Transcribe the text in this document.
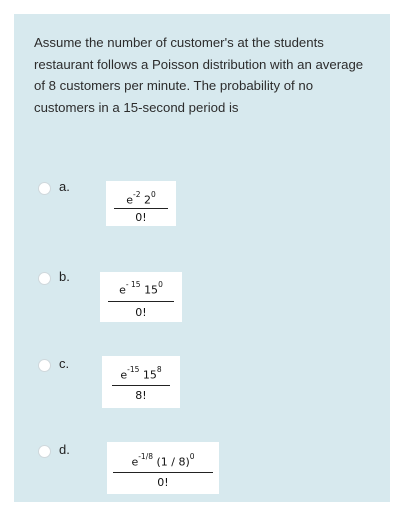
Assume the number of customer's at the students restaurant follows a Poisson distribution with an average of 8 customers per minute. The probability of no customers in a 15-second period is

a.
$e^{-2}$ $2^0$
0!
b.
$e^{- 15}$ $15^0$
0!
c.
$e^{-15}$ $15^8$
8!
d.
$e^{-1/8}$ (1 / 8)$^0$
0!
